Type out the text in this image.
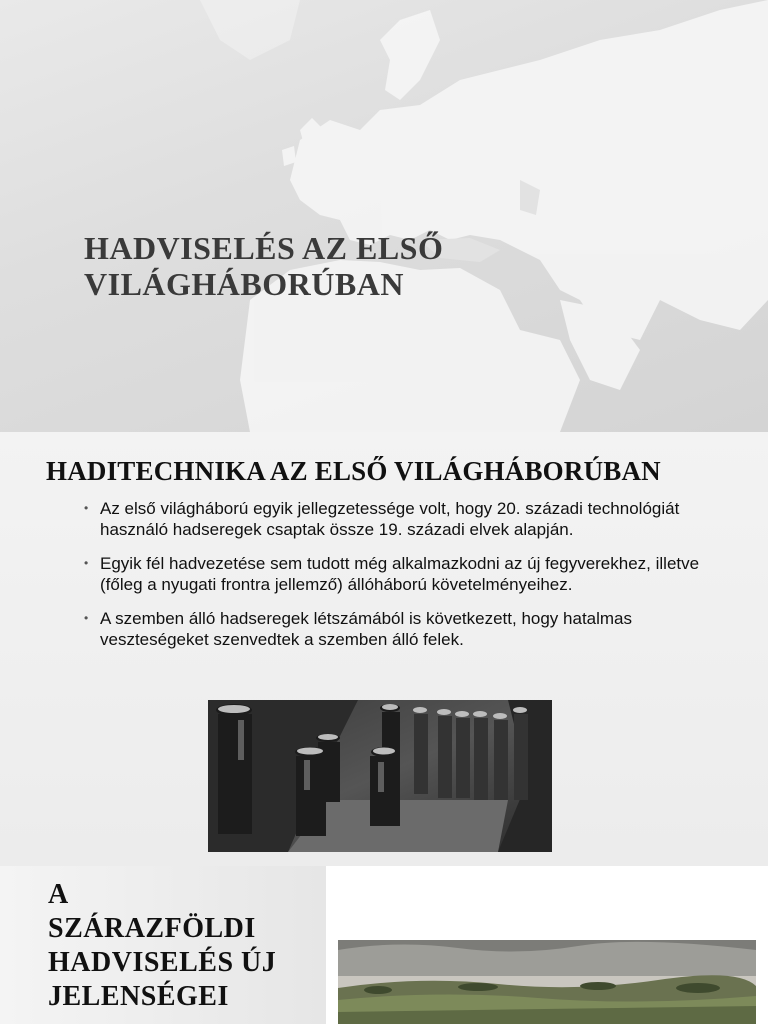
HADVISELÉS AZ ELSŐ
VILÁGHÁBORÚBAN
HADITECHNIKA AZ ELSŐ VILÁGHÁBORÚBAN
• Az első világháború egyik jellegzetessége volt, hogy 20. századi technológiát használó hadseregek csaptak össze 19. századi elvek alapján.
• Egyik fél hadvezetése sem tudott még alkalmazkodni az új fegyverekhez, illetve (főleg a nyugati frontra jellemző) állóháború követelményeihez.
• A szemben álló hadseregek létszámából is következett, hogy hatalmas veszteségeket szenvedtek a szemben álló felek.
A
SZÁRAZFÖLDI
HADVISELÉS ÚJ
JELENSÉGEI
